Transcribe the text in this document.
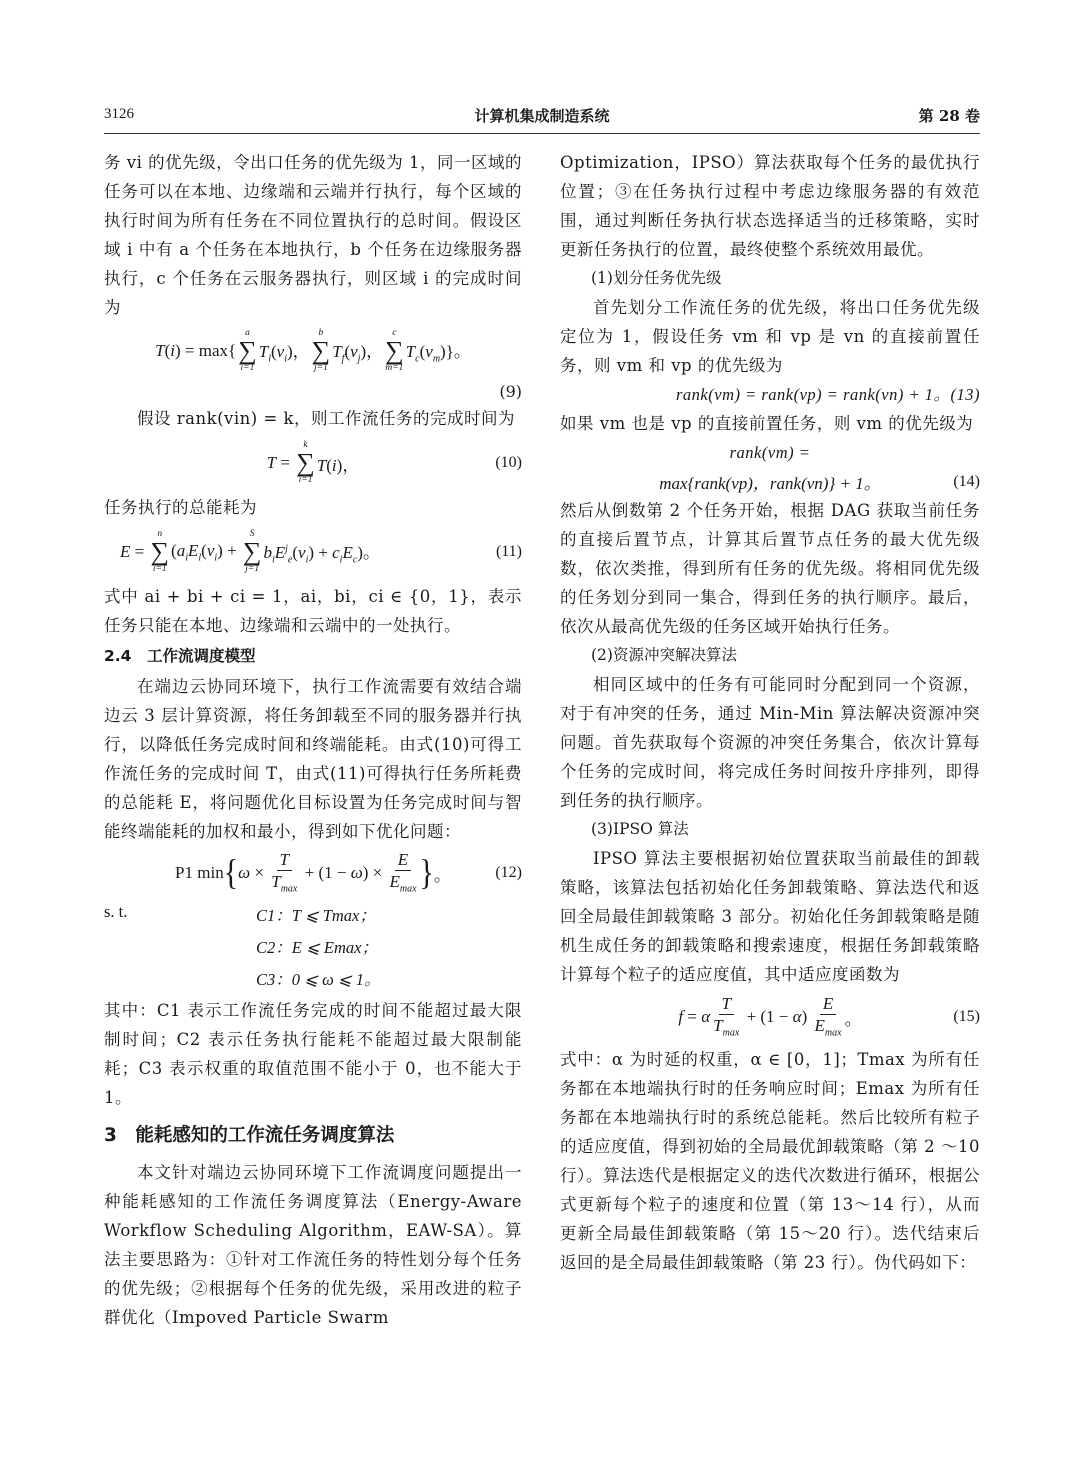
3126	计算机集成制造系统	第 28 卷

务 vi 的优先级，令出口任务的优先级为 1，同一区域的任务可以在本地、边缘端和云端并行执行，每个区域的执行时间为所有任务在不同位置执行的总时间。假设区域 i 中有 a 个任务在本地执行，b 个任务在边缘服务器执行，c 个任务在云服务器执行，则区域 i 的完成时间为

T(i) = max{
a
∑
i=1
$T_l(v_i)$，
b
∑
j=1
$T_f(v_j)$，
c
∑
m=1
$T_c(v_m)$}。

(9)

假设 rank(vin) = k，则工作流任务的完成时间为

T =
k
∑
i=1
T(i)，	(10)

任务执行的总能耗为

E =
n
∑
i=1
($a_iE_l(v_i)$ +
S
∑
j=1
$b_iE^j_e(v_i) + c_iE_c$)。	(11)

式中 ai + bi + ci = 1，ai，bi，ci ∈ {0，1}，表示任务只能在本地、边缘端和云端中的一处执行。

2.4　工作流调度模型

在端边云协同环境下，执行工作流需要有效结合端边云 3 层计算资源，将任务卸载至不同的服务器并行执行，以降低任务完成时间和终端能耗。由式(10)可得工作流任务的完成时间 T，由式(11)可得执行任务所耗费的总能耗 E，将问题优化目标设置为任务完成时间与智能终端能耗的加权和最小，得到如下优化问题：

P1 min { $\omega \times \frac{T}{T_{max}} + (1 - \omega) \times \frac{E}{E_{max}}$ } 。	(12)
s. t.	C1：T ⩽ Tmax；
C2：E ⩽ Emax；
C3：0 ⩽ ω ⩽ 1。

其中：C1 表示工作流任务完成的时间不能超过最大限制时间；C2 表示任务执行能耗不能超过最大限制能耗；C3 表示权重的取值范围不能小于 0，也不能大于 1。

3　能耗感知的工作流任务调度算法

本文针对端边云协同环境下工作流调度问题提出一种能耗感知的工作流任务调度算法（Energy-Aware Workflow Scheduling Algorithm，EAW-SA）。算法主要思路为：①针对工作流任务的特性划分每个任务的优先级；②根据每个任务的优先级，采用改进的粒子群优化（Impoved Particle Swarm

Optimization，IPSO）算法获取每个任务的最优执行位置；③在任务执行过程中考虑边缘服务器的有效范围，通过判断任务执行状态选择适当的迁移策略，实时更新任务执行的位置，最终使整个系统效用最优。

(1)划分任务优先级

首先划分工作流任务的优先级，将出口任务优先级定位为 1，假设任务 vm 和 vp 是 vn 的直接前置任务，则 vm 和 vp 的优先级为

rank(vm) = rank(vp) = rank(vn) + 1。(13)

如果 vm 也是 vp 的直接前置任务，则 vm 的优先级为

rank(vm) =

max{rank(vp)，rank(vn)} + 1。	(14)

然后从倒数第 2 个任务开始，根据 DAG 获取当前任务的直接后置节点，计算其后置节点任务的最大优先级数，依次类推，得到所有任务的优先级。将相同优先级的任务划分到同一集合，得到任务的执行顺序。最后，依次从最高优先级的任务区域开始执行任务。

(2)资源冲突解决算法

相同区域中的任务有可能同时分配到同一个资源，对于有冲突的任务，通过 Min-Min 算法解决资源冲突问题。首先获取每个资源的冲突任务集合，依次计算每个任务的完成时间，将完成任务时间按升序排列，即得到任务的执行顺序。

(3)IPSO 算法

IPSO 算法主要根据初始位置获取当前最佳的卸载策略，该算法包括初始化任务卸载策略、算法迭代和返回全局最佳卸载策略 3 部分。初始化任务卸载策略是随机生成任务的卸载策略和搜索速度，根据任务卸载策略计算每个粒子的适应度值，其中适应度函数为

f = α $\frac{T}{T_{max}} + (1 - \alpha) \frac{E}{E_{max}}$ 。	(15)

式中：α 为时延的权重，α ∈ [0，1]；Tmax 为所有任务都在本地端执行时的任务响应时间；Emax 为所有任务都在本地端执行时的系统总能耗。然后比较所有粒子的适应度值，得到初始的全局最优卸载策略（第 2 ～10 行）。算法迭代是根据定义的迭代次数进行循环，根据公式更新每个粒子的速度和位置（第 13～14 行），从而更新全局最佳卸载策略（第 15～20 行）。迭代结束后返回的是全局最佳卸载策略（第 23 行）。伪代码如下：
